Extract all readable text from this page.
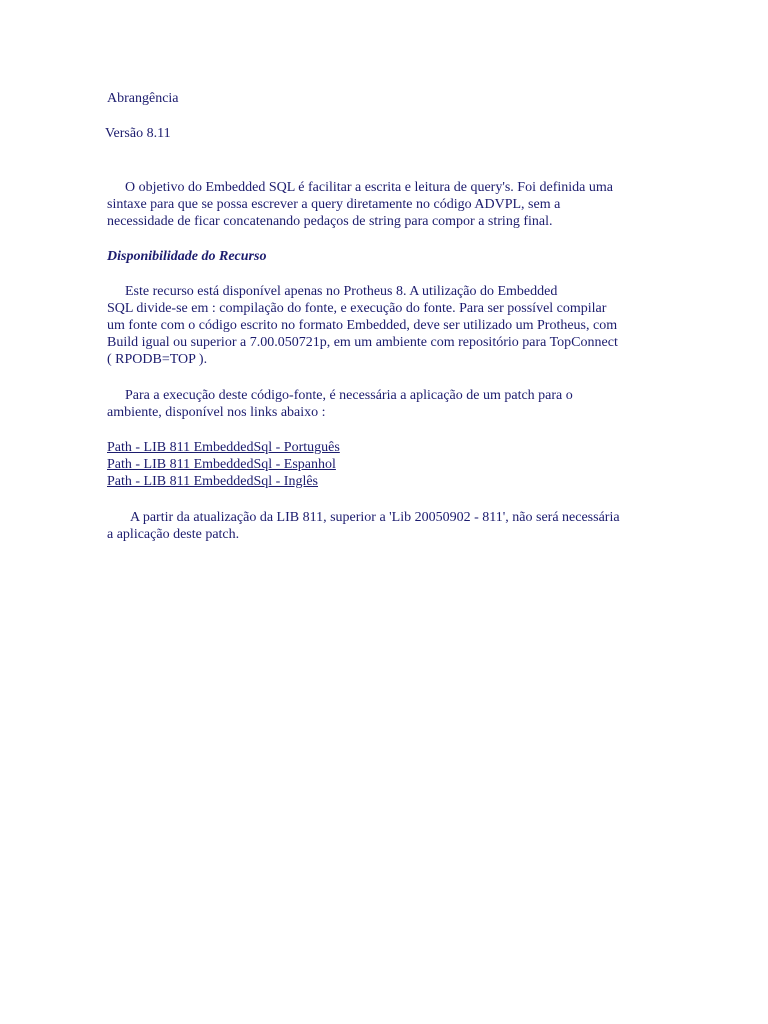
Abrangência
Versão 8.11
O objetivo do Embedded SQL é facilitar a escrita e leitura de query's. Foi definida uma
sintaxe para que se possa escrever a query diretamente no código ADVPL, sem a
necessidade de ficar concatenando pedaços de string para compor a string final.
Disponibilidade do Recurso
Este recurso está disponível apenas no Protheus 8. A utilização do Embedded
SQL divide-se em : compilação do fonte, e execução do fonte. Para ser possível compilar
um fonte com o código escrito no formato Embedded, deve ser utilizado um Protheus, com
Build igual ou superior a 7.00.050721p, em um ambiente com repositório para TopConnect
( RPODB=TOP ).
Para a execução deste código-fonte, é necessária a aplicação de um patch para o
ambiente, disponível nos links abaixo :
Path - LIB 811 EmbeddedSql - Português
Path - LIB 811 EmbeddedSql - Espanhol
Path - LIB 811 EmbeddedSql - Inglês
A partir da atualização da LIB 811, superior a 'Lib 20050902 - 811', não será necessária
a aplicação deste patch.
